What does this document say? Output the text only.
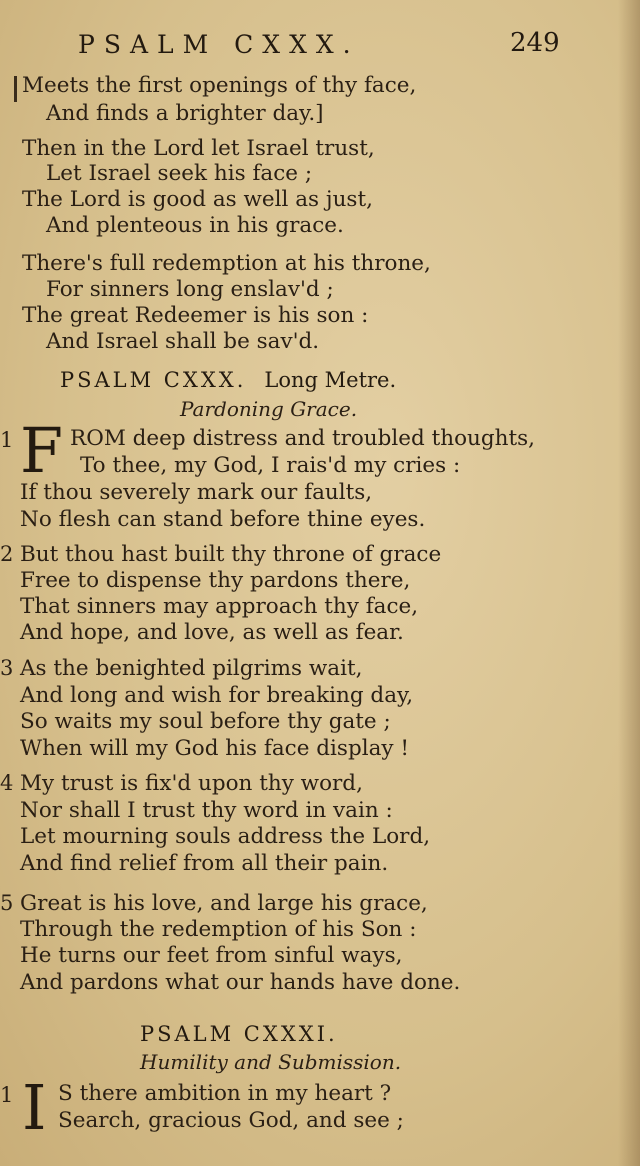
PSALM CXXX.	249
Meets the first openings of thy face,
And finds a brighter day.]
Then in the Lord let Israel trust,
Let Israel seek his face ;
The Lord is good as well as just,
And plenteous in his grace.
There's full redemption at his throne,
For sinners long enslav'd ;
The great Redeemer is his son :
And Israel shall be sav'd.
PSALM CXXX. Long Metre.
Pardoning Grace.
1 F ROM deep distress and troubled thoughts,
To thee, my God, I rais'd my cries :
If thou severely mark our faults,
No flesh can stand before thine eyes.
2 But thou hast built thy throne of grace
Free to dispense thy pardons there,
That sinners may approach thy face,
And hope, and love, as well as fear.
3 As the benighted pilgrims wait,
And long and wish for breaking day,
So waits my soul before thy gate ;
When will my God his face display !
4 My trust is fix'd upon thy word,
Nor shall I trust thy word in vain :
Let mourning souls address the Lord,
And find relief from all their pain.
5 Great is his love, and large his grace,
Through the redemption of his Son :
He turns our feet from sinful ways,
And pardons what our hands have done.
PSALM CXXXI.
Humility and Submission.
1 I S there ambition in my heart ?
Search, gracious God, and see ;
